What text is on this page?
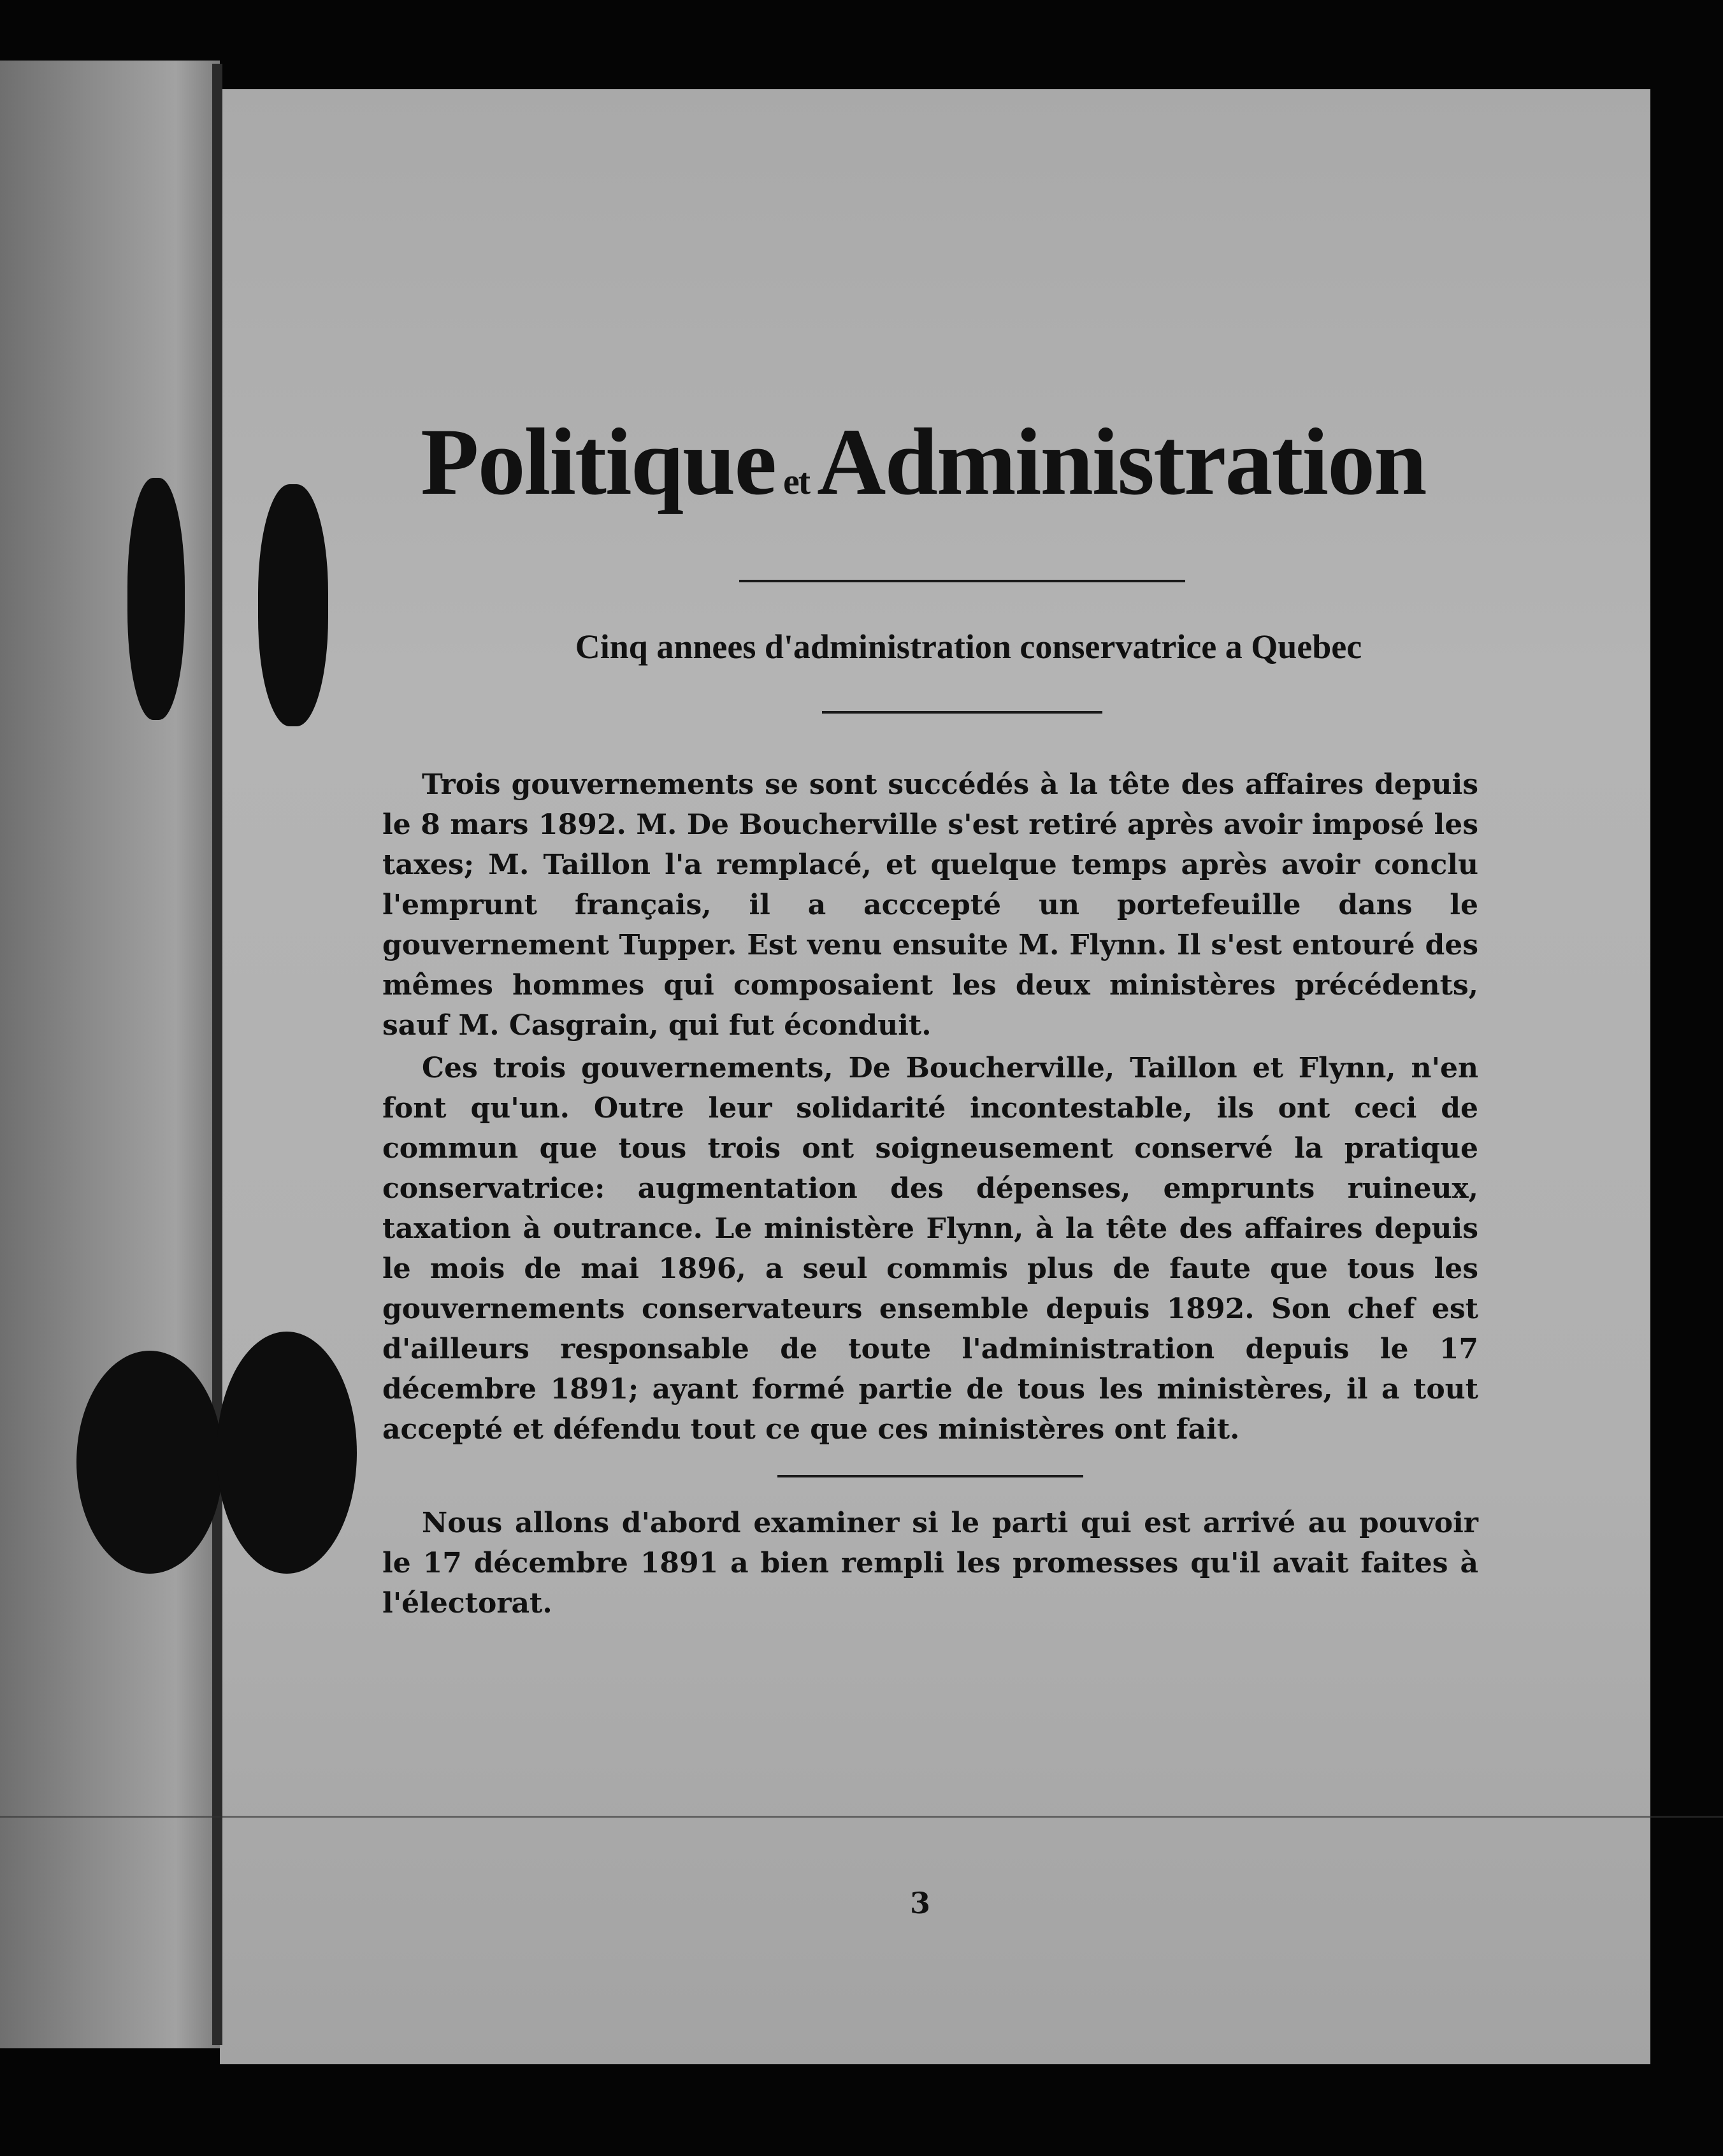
Politique etAdministration
Cinq annees d'administration conservatrice a Quebec

Trois gouvernements se sont succédés à la tête des affaires depuis le 8 mars 1892. M. De Boucherville s'est retiré après avoir imposé les taxes; M. Taillon l'a remplacé, et quelque temps après avoir conclu l'emprunt français, il a acccepté un portefeuille dans le gouvernement Tupper. Est venu ensuite M. Flynn. Il s'est entouré des mêmes hommes qui composaient les deux ministères précédents, sauf M. Casgrain, qui fut éconduit.

Ces trois gouvernements, De Boucherville, Taillon et Flynn, n'en font qu'un. Outre leur solidarité incontestable, ils ont ceci de commun que tous trois ont soigneusement conservé la pratique conservatrice: augmentation des dépenses, emprunts ruineux, taxation à outrance. Le ministère Flynn, à la tête des affaires depuis le mois de mai 1896, a seul commis plus de faute que tous les gouvernements conservateurs ensemble depuis 1892. Son chef est d'ailleurs responsable de toute l'administration depuis le 17 décembre 1891; ayant formé partie de tous les ministères, il a tout accepté et défendu tout ce que ces ministères ont fait.

Nous allons d'abord examiner si le parti qui est arrivé au pouvoir le 17 décembre 1891 a bien rempli les promesses qu'il avait faites à l'électorat.

3
